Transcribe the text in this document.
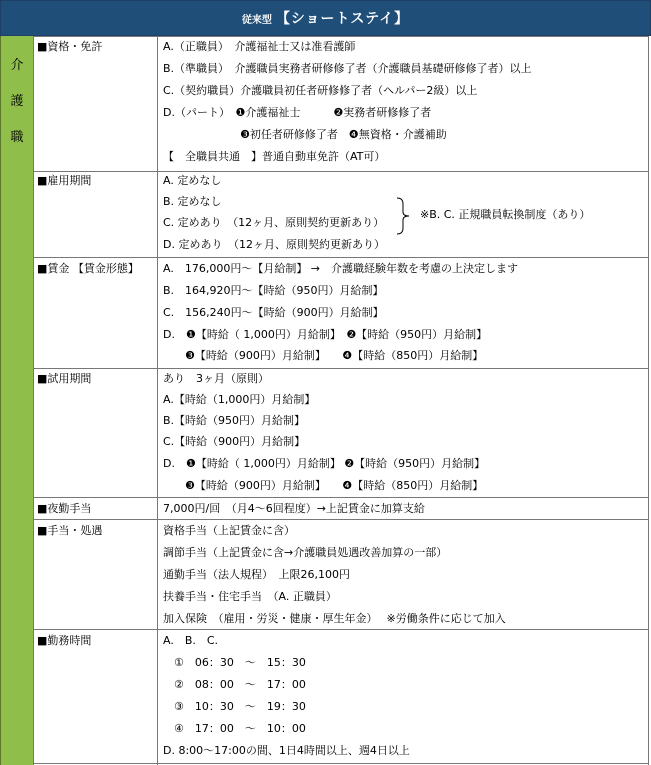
従来型 【ショートステイ】
介
護
職
■資格・免許	A.（正職員）　介護福祉士又は准看護師
B.（準職員）　介護職員実務者研修修了者（介護職員基礎研修修了者）以上
C.（契約職員）介護職員初任者研修修了者（ヘルパー2級）以上
D.（パート）　❶介護福祉士　　　❷実務者研修修了者
　　　　　　　❸初任者研修修了者　❹無資格・介護補助
【　全職員共通　】普通自動車免許（AT可）
■雇用期間	A. 定めなし
B. 定めなし
C. 定めあり　（12ヶ月、原則契約更新あり）
D. 定めあり　（12ヶ月、原則契約更新あり）
※B. C. 正規職員転換制度（あり）
■賃金 【賃金形態】 A.　176,000円～【月給制】 →　介護職経験年数を考慮の上決定します
B.　164,920円～【時給（950円）月給制】
C.　156,240円～【時給（900円）月給制】
D.　❶【時給（ 1,000円）月給制】　❷【時給（950円）月給制】
　　❸【時給（900円）月給制】　　❹【時給（850円）月給制】
■試用期間	あり　3ヶ月（原則）
A.【時給（1,000円）月給制】
B.【時給（950円）月給制】
C.【時給（900円）月給制】
D.　❶【時給（ 1,000円）月給制】 ❷【時給（950円）月給制】
　　❸【時給（900円）月給制】　　❹【時給（850円）月給制】
■夜勤手当	7,000円/回　（月4～6回程度）→上記賃金に加算支給
■手当・処遇	資格手当（上記賃金に含）
調節手当（上記賃金に含→介護職員処遇改善加算の一部）
通勤手当（法人規程）　上限26,100円
扶養手当・住宅手当　（A. 正職員）
加入保険　（雇用・労災・健康・厚生年金）　 ※労働条件に応じて加入
■勤務時間	A.　B.　C.
　①　06：30　～　15：30
　②　08：00　～　17：00
　③　10：30　～　19：30
　④　17：00　～　10：00
D. 8:00～17:00の間、1日4時間以上、週4日以上
